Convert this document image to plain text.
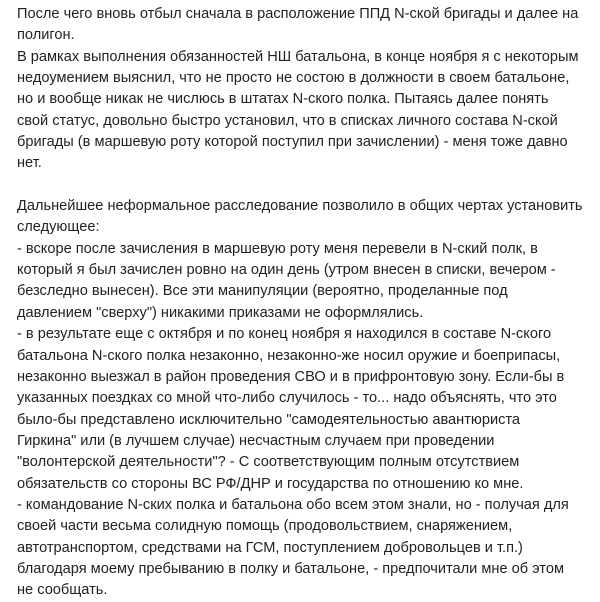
После чего вновь отбыл сначала в расположение ППД N-ской бригады и далее на
полигон.
В рамках выполнения обязанностей НШ батальона, в конце ноября я с некоторым
недоумением выяснил, что не просто не состою в должности в своем батальоне,
но и вообще никак не числюсь в штатах N-ского полка. Пытаясь далее понять
свой статус, довольно быстро установил, что в списках личного состава N-ской
бригады (в маршевую роту которой поступил при зачислении) - меня тоже давно
нет.
Дальнейшее неформальное расследование позволило в общих чертах установить
следующее:
- вскоре после зачисления в маршевую роту меня перевели в N-ский полк, в
который я был зачислен ровно на один день (утром внесен в списки, вечером -
безследно вынесен). Все эти манипуляции (вероятно, проделанные под
давлением "сверху") никакими приказами не оформлялись.
- в результате еще с октября и по конец ноября я находился в составе N-ского
батальона N-ского полка незаконно, незаконно-же носил оружие и боеприпасы,
незаконно выезжал в район проведения СВО и в прифронтовую зону. Если-бы в
указанных поездках со мной что-либо случилось - то... надо объяснять, что это
было-бы представлено исключительно "самодеятельностью авантюриста
Гиркина" или (в лучшем случае) несчастным случаем при проведении
"волонтерской деятельности"? - С соответствующим полным отсутствием
обязательств со стороны ВС РФ/ДНР и государства по отношению ко мне.
- командование N-ских полка и батальона обо всем этом знали, но - получая для
своей части весьма солидную помощь (продовольствием, снаряжением,
автотранспортом, средствами на ГСМ, поступлением добровольцев и т.п.)
благодаря моему пребыванию в полку и батальоне, - предпочитали мне об этом
не сообщать.
